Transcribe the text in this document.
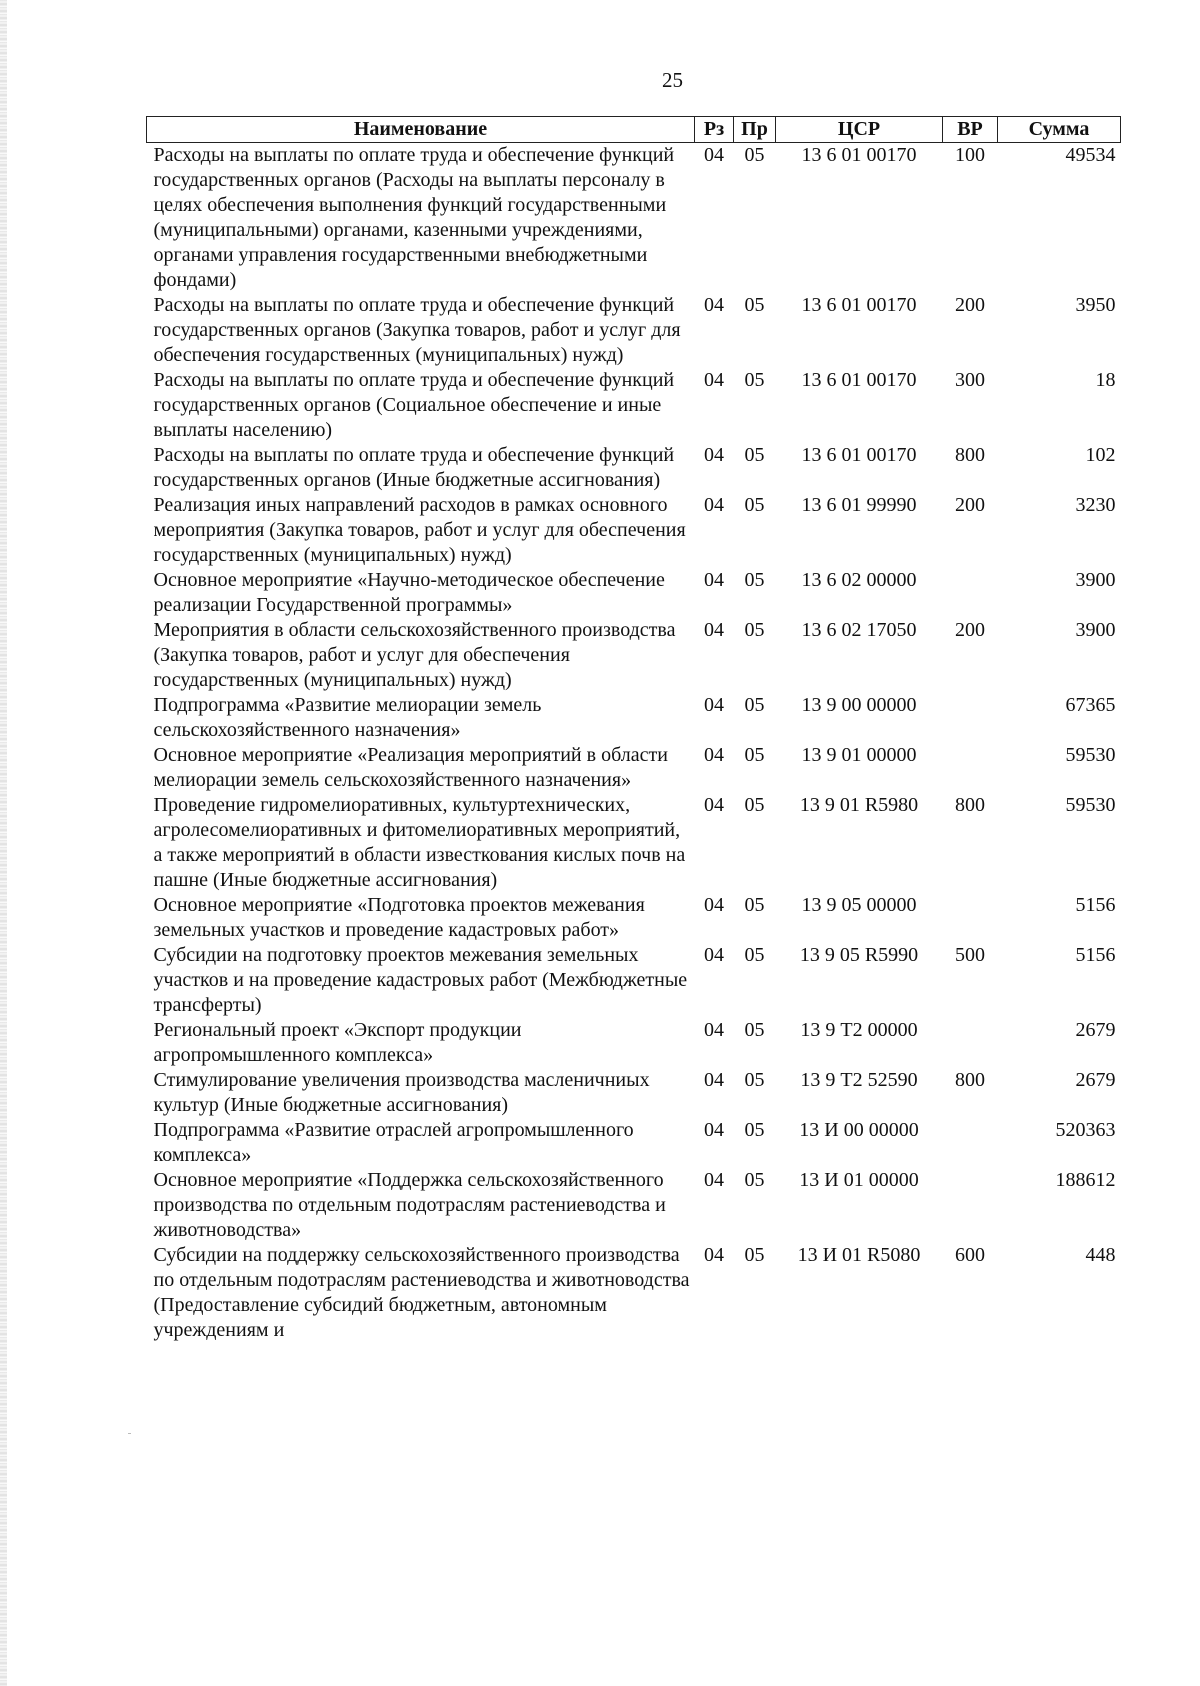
25
Наименование	Рз	Пр	ЦСР	ВР	Сумма
Расходы на выплаты по оплате труда и обеспечение функций государственных органов (Расходы на выплаты персоналу в целях обеспечения выполнения функций государственными (муниципальными) органами, казенными учреждениями, органами управления государственными внебюджетными фондами)	04	05	13 6 01 00170	100	49534
Расходы на выплаты по оплате труда и обеспечение функций государственных органов (Закупка товаров, работ и услуг для обеспечения государственных (муниципальных) нужд)	04	05	13 6 01 00170	200	3950
Расходы на выплаты по оплате труда и обеспечение функций государственных органов (Социальное обеспечение и иные выплаты населению)	04	05	13 6 01 00170	300	18
Расходы на выплаты по оплате труда и обеспечение функций государственных органов (Иные бюджетные ассигнования)	04	05	13 6 01 00170	800	102
Реализация иных направлений расходов в рамках основного мероприятия (Закупка товаров, работ и услуг для обеспечения государственных (муниципальных) нужд)	04	05	13 6 01 99990	200	3230
Основное мероприятие «Научно-методическое обеспечение реализации Государственной программы»	04	05	13 6 02 00000		3900
Мероприятия в области сельскохозяйственного производства (Закупка товаров, работ и услуг для обеспечения государственных (муниципальных) нужд)	04	05	13 6 02 17050	200	3900
Подпрограмма «Развитие мелиорации земель сельскохозяйственного назначения»	04	05	13 9 00 00000		67365
Основное мероприятие «Реализация мероприятий в области мелиорации земель сельскохозяйственного назначения»	04	05	13 9 01 00000		59530
Проведение гидромелиоративных, культуртехнических, агролесомелиоративных и фитомелиоративных мероприятий, а также мероприятий в области известкования кислых почв на пашне (Иные бюджетные ассигнования)	04	05	13 9 01 R5980	800	59530
Основное мероприятие «Подготовка проектов межевания земельных участков и проведение кадастровых работ»	04	05	13 9 05 00000		5156
Субсидии на подготовку проектов межевания земельных участков и на проведение кадастровых работ (Межбюджетные трансферты)	04	05	13 9 05 R5990	500	5156
Региональный проект «Экспорт продукции агропромышленного комплекса»	04	05	13 9 Т2 00000		2679
Стимулирование увеличения производства масленичниых культур (Иные бюджетные ассигнования)	04	05	13 9 Т2 52590	800	2679
Подпрограмма «Развитие отраслей агропромышленного комплекса»	04	05	13 И 00 00000		520363
Основное мероприятие «Поддержка сельскохозяйственного производства по отдельным подотраслям растениеводства и животноводства»	04	05	13 И 01 00000		188612
Субсидии на поддержку сельскохозяйственного производства по отдельным подотраслям растениеводства и животноводства (Предоставление субсидий бюджетным, автономным учреждениям и	04	05	13 И 01 R5080	600	448
